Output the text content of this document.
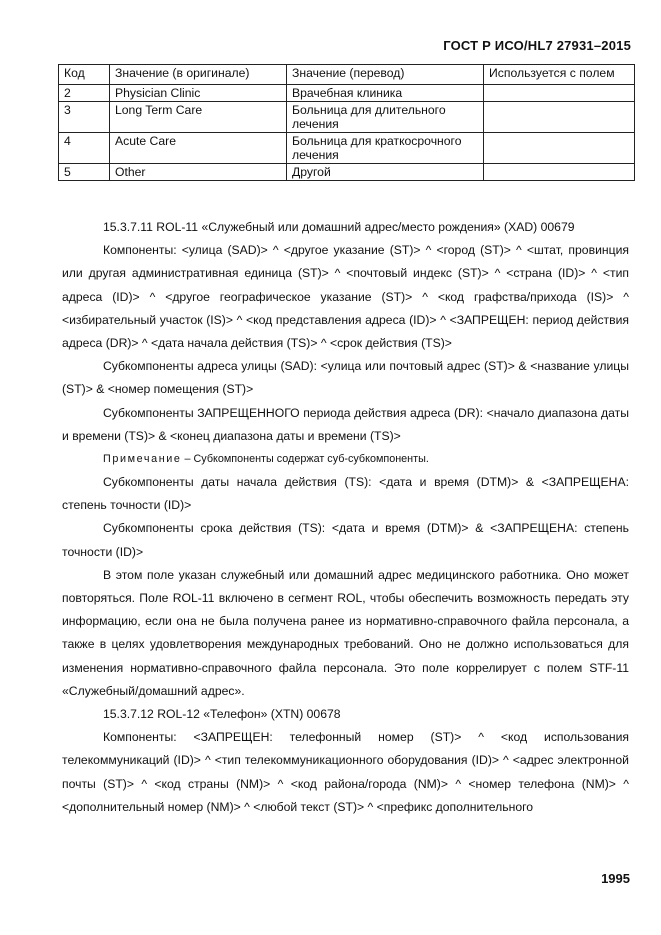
ГОСТ Р ИСО/HL7 27931–2015
Код	Значение (в оригинале)	Значение (перевод)	Используется с полем
2	Physician Clinic	Врачебная клиника	
3	Long Term Care	Больница для длительного лечения	
4	Acute Care	Больница для краткосрочного лечения	
5	Other	Другой	

15.3.7.11 ROL-11 «Служебный или домашний адрес/место рождения» (XAD) 00679

Компоненты: <улица (SAD)> ^ <другое указание (ST)> ^ <город (ST)> ^ <штат, провинция или другая административная единица (ST)> ^ <почтовый индекс (ST)> ^ <страна (ID)> ^ <тип адреса (ID)> ^ <другое географическое указание (ST)> ^ <код графства/прихода (IS)> ^ <избирательный участок (IS)> ^ <код представления адреса (ID)> ^ <ЗАПРЕЩЕН: период действия адреса (DR)> ^ <дата начала действия (TS)> ^ <срок действия (TS)>

Субкомпоненты адреса улицы (SAD): <улица или почтовый адрес (ST)> & <название улицы (ST)> & <номер помещения (ST)>

Субкомпоненты ЗАПРЕЩЕННОГО периода действия адреса (DR): <начало диапазона даты и времени (TS)> & <конец диапазона даты и времени (TS)>

Примечание – Субкомпоненты содержат суб-субкомпоненты.

Субкомпоненты даты начала действия (TS): <дата и время (DTM)> & <ЗАПРЕЩЕНА: степень точности (ID)>

Субкомпоненты срока действия (TS): <дата и время (DTM)> & <ЗАПРЕЩЕНА: степень точности (ID)>

В этом поле указан служебный или домашний адрес медицинского работника. Оно может повторяться. Поле ROL-11 включено в сегмент ROL, чтобы обеспечить возможность передать эту информацию, если она не была получена ранее из нормативно-справочного файла персонала, а также в целях удовлетворения международных требований. Оно не должно использоваться для изменения нормативно-справочного файла персонала. Это поле коррелирует с полем STF-11 «Служебный/домашний адрес».

15.3.7.12 ROL-12 «Телефон» (XTN) 00678

Компоненты: <ЗАПРЕЩЕН: телефонный номер (ST)> ^ <код использования телекоммуникаций (ID)> ^ <тип телекоммуникационного оборудования (ID)> ^ <адрес электронной почты (ST)> ^ <код страны (NM)> ^ <код района/города (NM)> ^ <номер телефона (NM)> ^ <дополнительный номер (NM)> ^ <любой текст (ST)> ^ <префикс дополнительного

1995
